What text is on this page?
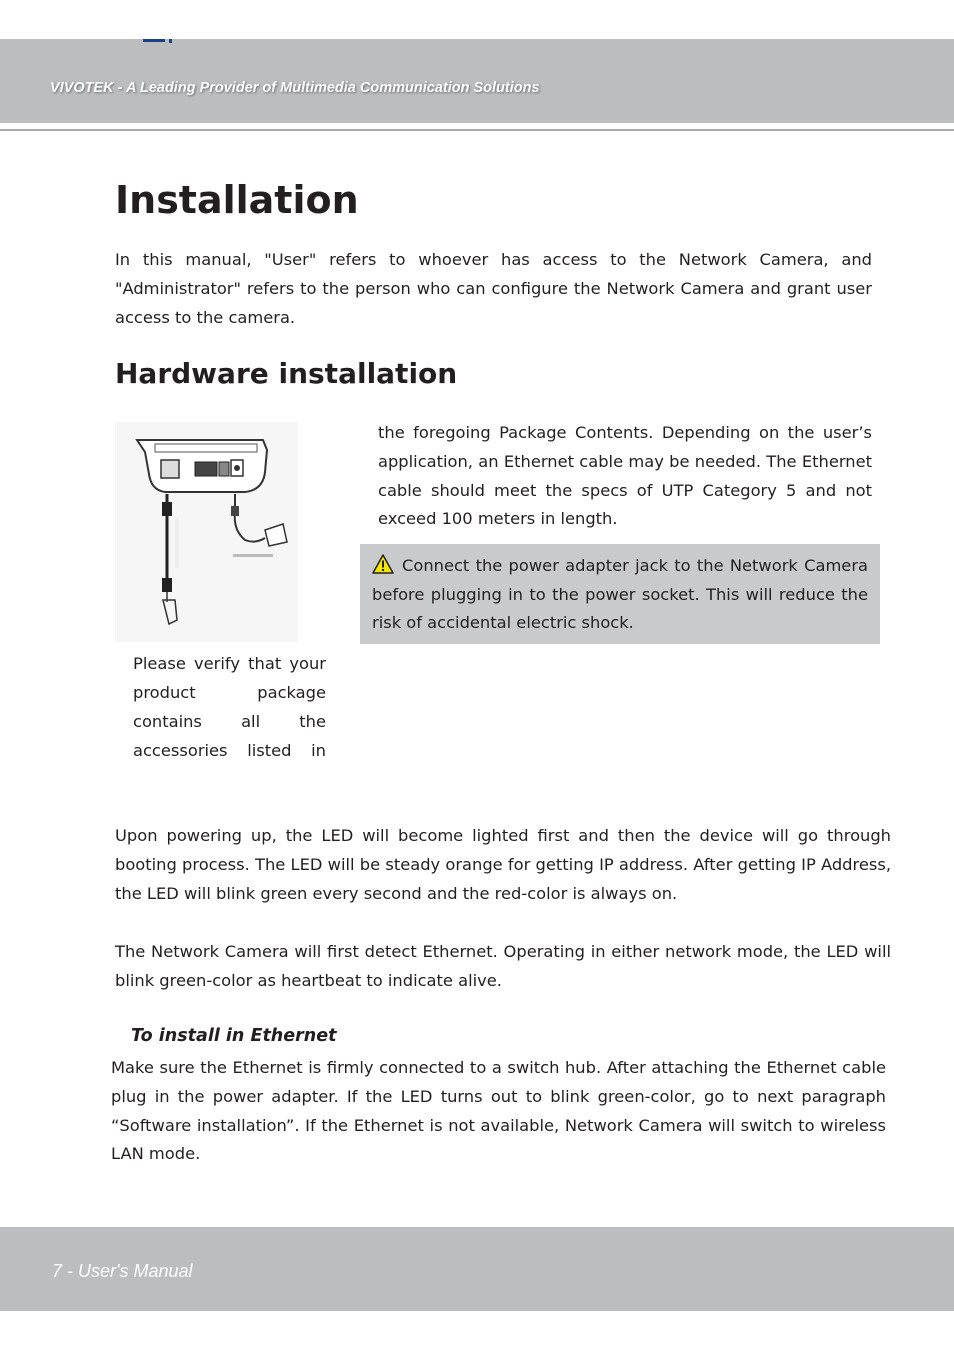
VIVOTEK - A Leading Provider of Multimedia Communication Solutions
Installation

In this manual, "User" refers to whoever has access to the Network Camera, and "Administrator" refers to the person who can configure the Network Camera and grant user access to the camera.

Hardware installation

Please verify that your product package contains all the accessories listed in

the foregoing Package Contents. Depending on the user’s application, an Ethernet cable may be needed. The Ethernet cable should meet the specs of UTP Category 5 and not exceed 100 meters in length.

Connect the power adapter jack to the Network Camera before plugging in to the power socket. This will reduce the risk of accidental electric shock.

Upon powering up, the LED will become lighted first and then the device will go through booting process. The LED will be steady orange for getting IP address. After getting IP Address, the LED will blink green every second and the red-color is always on.

The Network Camera will first detect Ethernet. Operating in either network mode, the LED will blink green-color as heartbeat to indicate alive.

To install in Ethernet

Make sure the Ethernet is firmly connected to a switch hub. After attaching the Ethernet cable plug in the power adapter. If the LED turns out to blink green-color, go to next paragraph “Software installation”. If the Ethernet is not available, Network Camera will switch to wireless LAN mode.

7 - User's Manual
